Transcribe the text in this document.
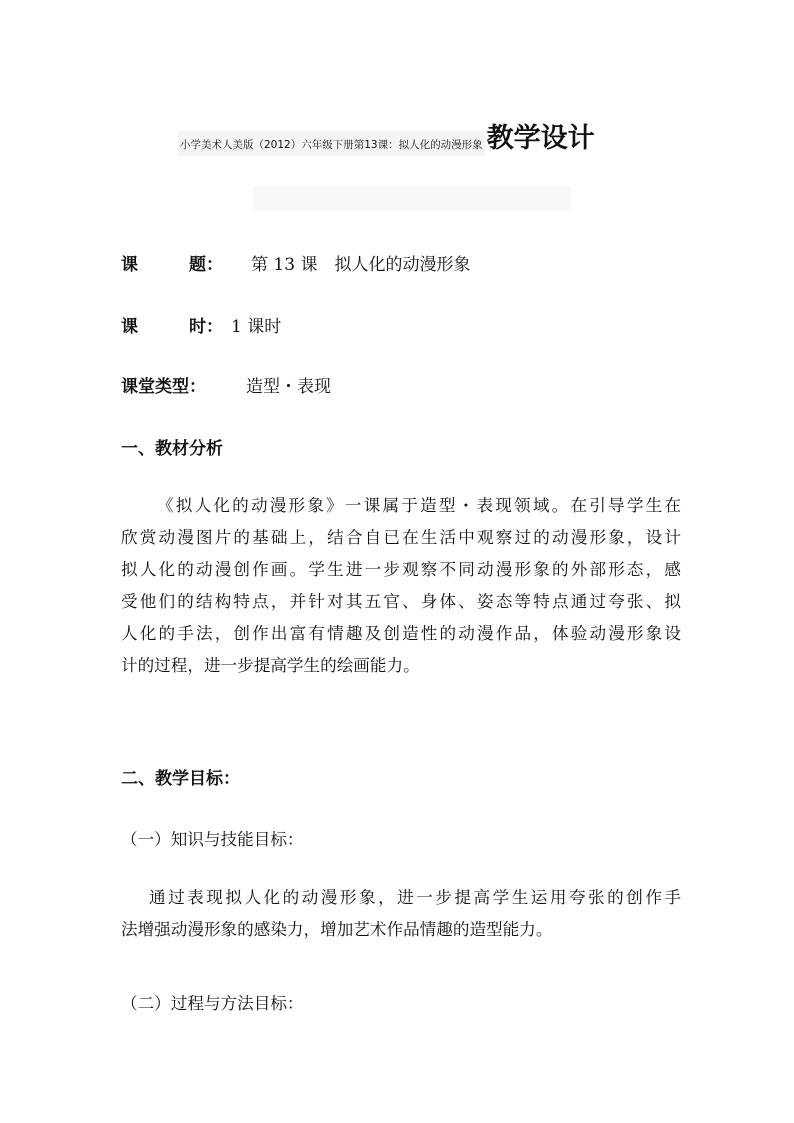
小学美术人美版（2012）六年级下册第13课：拟人化的动漫形象 教学设计
课　　　题： 第 13 课　拟人化的动漫形象
课　　　时： 1 课时
课堂类型： 造型・表现
一、教材分析
《拟人化的动漫形象》一课属于造型・表现领域。在引导学生在
欣赏动漫图片的基础上，结合自已在生活中观察过的动漫形象，设计
拟人化的动漫创作画。学生进一步观察不同动漫形象的外部形态，感
受他们的结构特点，并针对其五官、身体、姿态等特点通过夸张、拟
人化的手法，创作出富有情趣及创造性的动漫作品，体验动漫形象设
计的过程，进一步提高学生的绘画能力。
二、教学目标：
（一）知识与技能目标：
通过表现拟人化的动漫形象，进一步提高学生运用夸张的创作手
法增强动漫形象的感染力，增加艺术作品情趣的造型能力。
（二）过程与方法目标：
